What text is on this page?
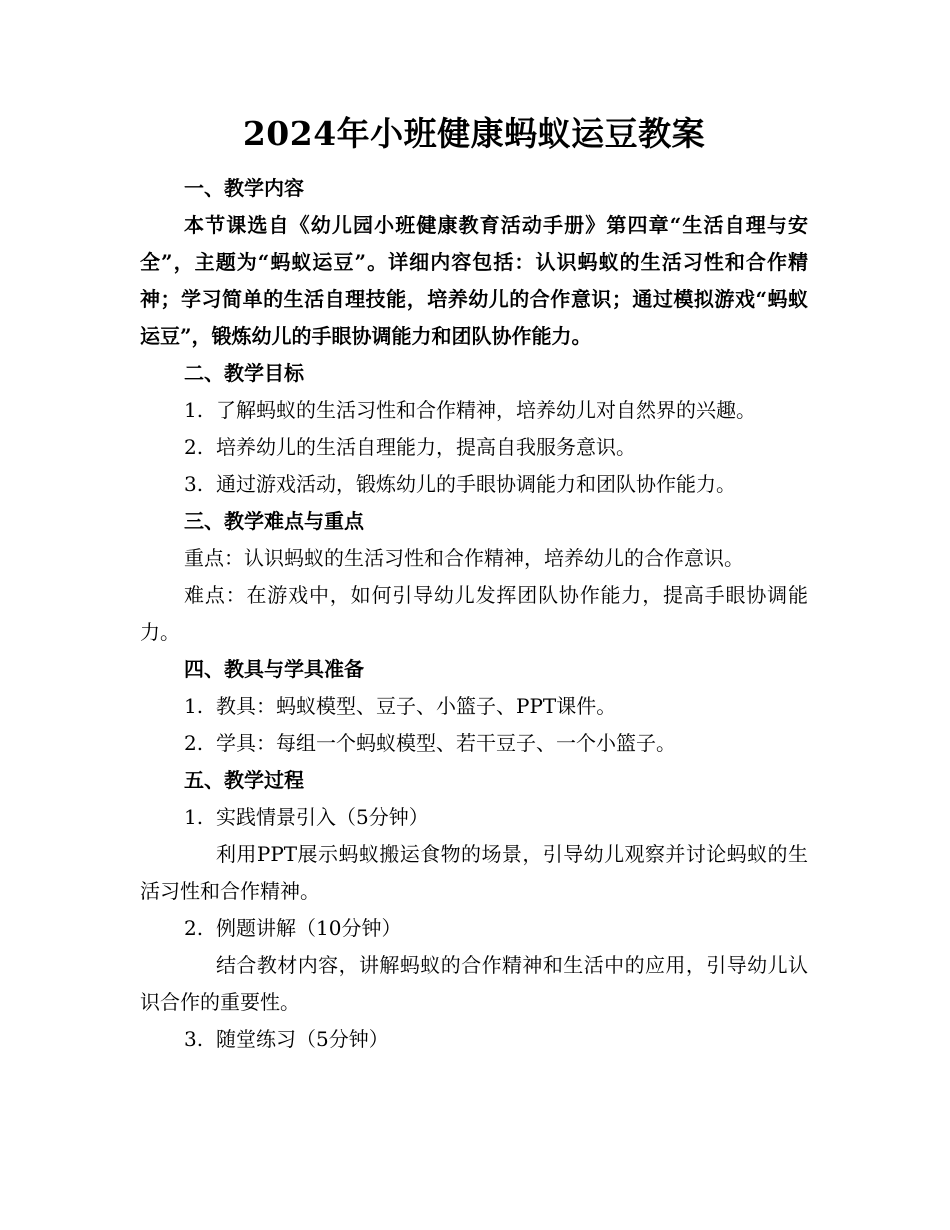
2024年小班健康蚂蚁运豆教案
一、教学内容
本节课选自《幼儿园小班健康教育活动手册》第四章“生活自理与安全”，主题为“蚂蚁运豆”。详细内容包括：认识蚂蚁的生活习性和合作精神；学习简单的生活自理技能，培养幼儿的合作意识；通过模拟游戏“蚂蚁运豆”，锻炼幼儿的手眼协调能力和团队协作能力。
二、教学目标
1. 了解蚂蚁的生活习性和合作精神，培养幼儿对自然界的兴趣。
2. 培养幼儿的生活自理能力，提高自我服务意识。
3. 通过游戏活动，锻炼幼儿的手眼协调能力和团队协作能力。
三、教学难点与重点
重点：认识蚂蚁的生活习性和合作精神，培养幼儿的合作意识。
难点：在游戏中，如何引导幼儿发挥团队协作能力，提高手眼协调能力。
四、教具与学具准备
1. 教具：蚂蚁模型、豆子、小篮子、PPT课件。
2. 学具：每组一个蚂蚁模型、若干豆子、一个小篮子。
五、教学过程
1. 实践情景引入（5分钟）
利用PPT展示蚂蚁搬运食物的场景，引导幼儿观察并讨论蚂蚁的生活习性和合作精神。
2. 例题讲解（10分钟）
结合教材内容，讲解蚂蚁的合作精神和生活中的应用，引导幼儿认识合作的重要性。
3. 随堂练习（5分钟）
